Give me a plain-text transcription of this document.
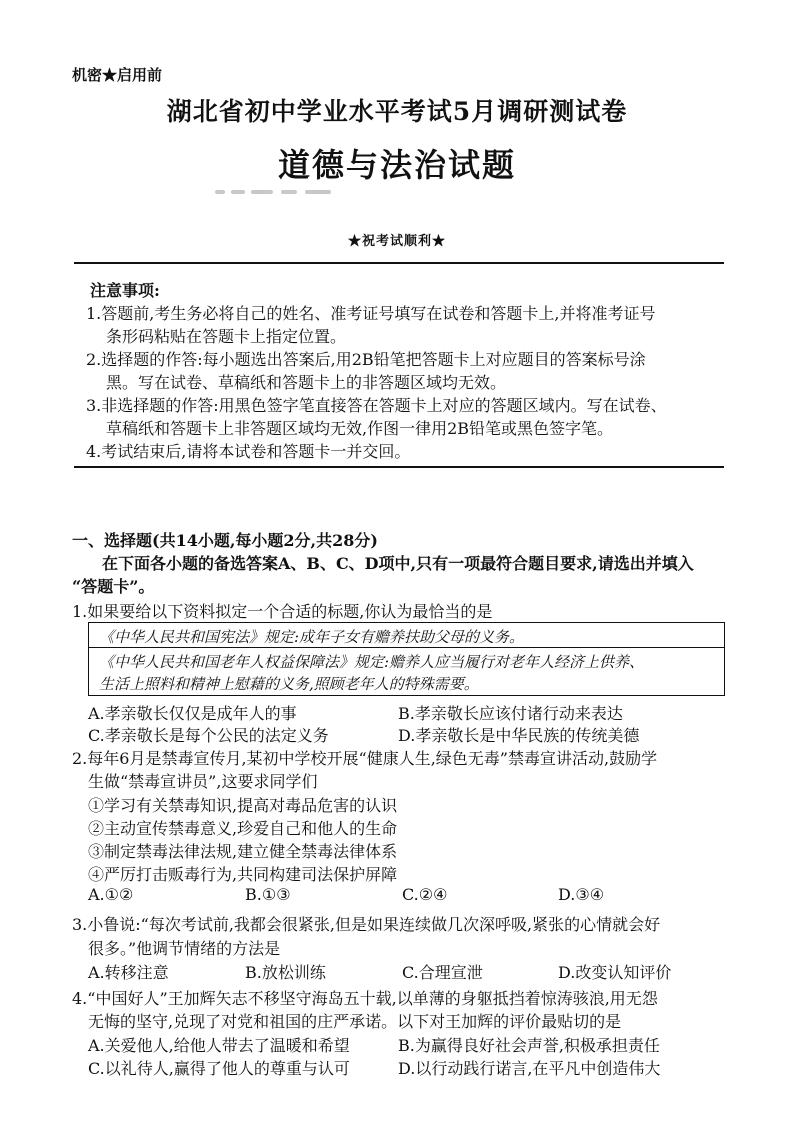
机密★启用前
湖北省初中学业水平考试5月调研测试卷
道德与法治试题
★祝考试顺利★
注意事项:

1.答题前,考生务必将自己的姓名、准考证号填写在试卷和答题卡上,并将准考证号

条形码粘贴在答题卡上指定位置。

2.选择题的作答:每小题选出答案后,用2B铅笔把答题卡上对应题目的答案标号涂

黑。写在试卷、草稿纸和答题卡上的非答题区域均无效。

3.非选择题的作答:用黑色签字笔直接答在答题卡上对应的答题区域内。写在试卷、

草稿纸和答题卡上非答题区域均无效,作图一律用2B铅笔或黑色签字笔。

4.考试结束后,请将本试卷和答题卡一并交回。

一、选择题(共14小题,每小题2分,共28分)
在下面各小题的备选答案A、B、C、D项中,只有一项最符合题目要求,请选出并填入
“答题卡”。
1.如果要给以下资料拟定一个合适的标题,你认为最恰当的是
《中华人民共和国宪法》规定:成年子女有赡养扶助父母的义务。
《中华人民共和国老年人权益保障法》规定:赡养人应当履行对老年人经济上供养、
生活上照料和精神上慰藉的义务,照顾老年人的特殊需要。
A.孝亲敬长仅仅是成年人的事	B.孝亲敬长应该付诸行动来表达
C.孝亲敬长是每个公民的法定义务	D.孝亲敬长是中华民族的传统美德
2.每年6月是禁毒宣传月,某初中学校开展“健康人生,绿色无毒”禁毒宣讲活动,鼓励学
生做“禁毒宣讲员”,这要求同学们
①学习有关禁毒知识,提高对毒品危害的认识
②主动宣传禁毒意义,珍爱自己和他人的生命
③制定禁毒法律法规,建立健全禁毒法律体系
④严厉打击贩毒行为,共同构建司法保护屏障
A.①②	B.①③	C.②④	D.③④
3.小鲁说:“每次考试前,我都会很紧张,但是如果连续做几次深呼吸,紧张的心情就会好
很多。”他调节情绪的方法是
A.转移注意	B.放松训练	C.合理宣泄	D.改变认知评价
4.“中国好人”王加辉矢志不移坚守海岛五十载,以单薄的身躯抵挡着惊涛骇浪,用无怨
无悔的坚守,兑现了对党和祖国的庄严承诺。以下对王加辉的评价最贴切的是
A.关爱他人,给他人带去了温暖和希望	B.为赢得良好社会声誉,积极承担责任
C.以礼待人,赢得了他人的尊重与认可	D.以行动践行诺言,在平凡中创造伟大
